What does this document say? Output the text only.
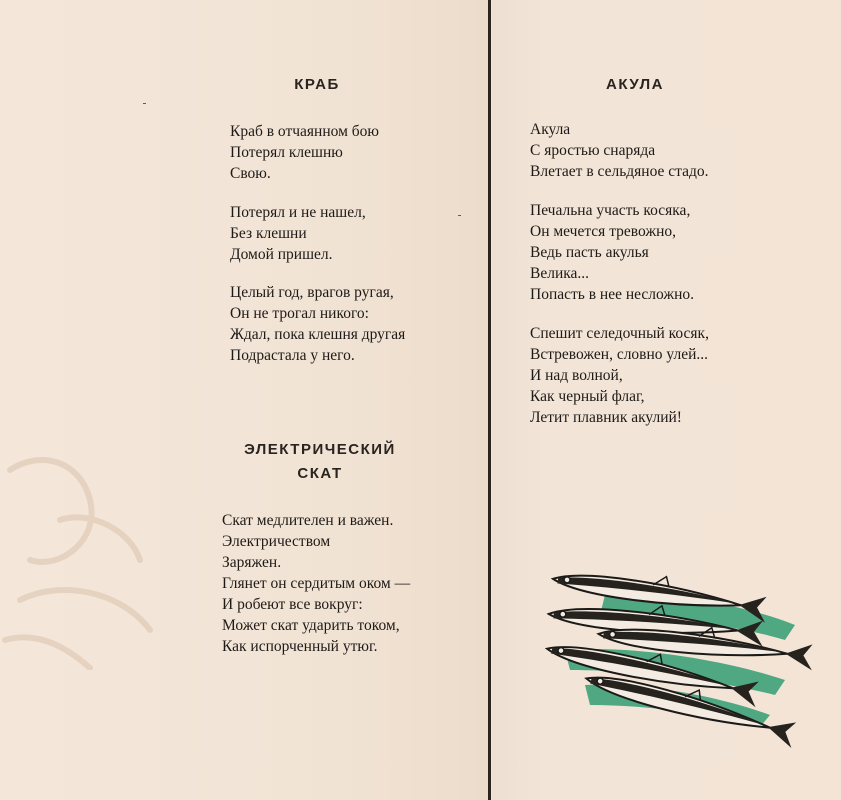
КРАБ
Краб в отчаянном бою
Потерял клешню
Свою.
Потерял и не нашел,
Без клешни
Домой пришел.
Целый год, врагов ругая,
Он не трогал никого:
Ждал, пока клешня другая
Подрастала у него.
ЭЛЕКТРИЧЕСКИЙ
СКАТ
Скат медлителен и важен.
Электричеством
Заряжен.
Глянет он сердитым оком —
И робеют все вокруг:
Может скат ударить током,
Как испорченный утюг.
АКУЛА
Акула
С яростью снаряда
Влетает в сельдяное стадо.
Печальна участь косяка,
Он мечется тревожно,
Ведь пасть акулья
Велика...
Попасть в нее несложно.
Спешит селедочный косяк,
Встревожен, словно улей...
И над волной,
Как черный флаг,
Летит плавник акулий!
